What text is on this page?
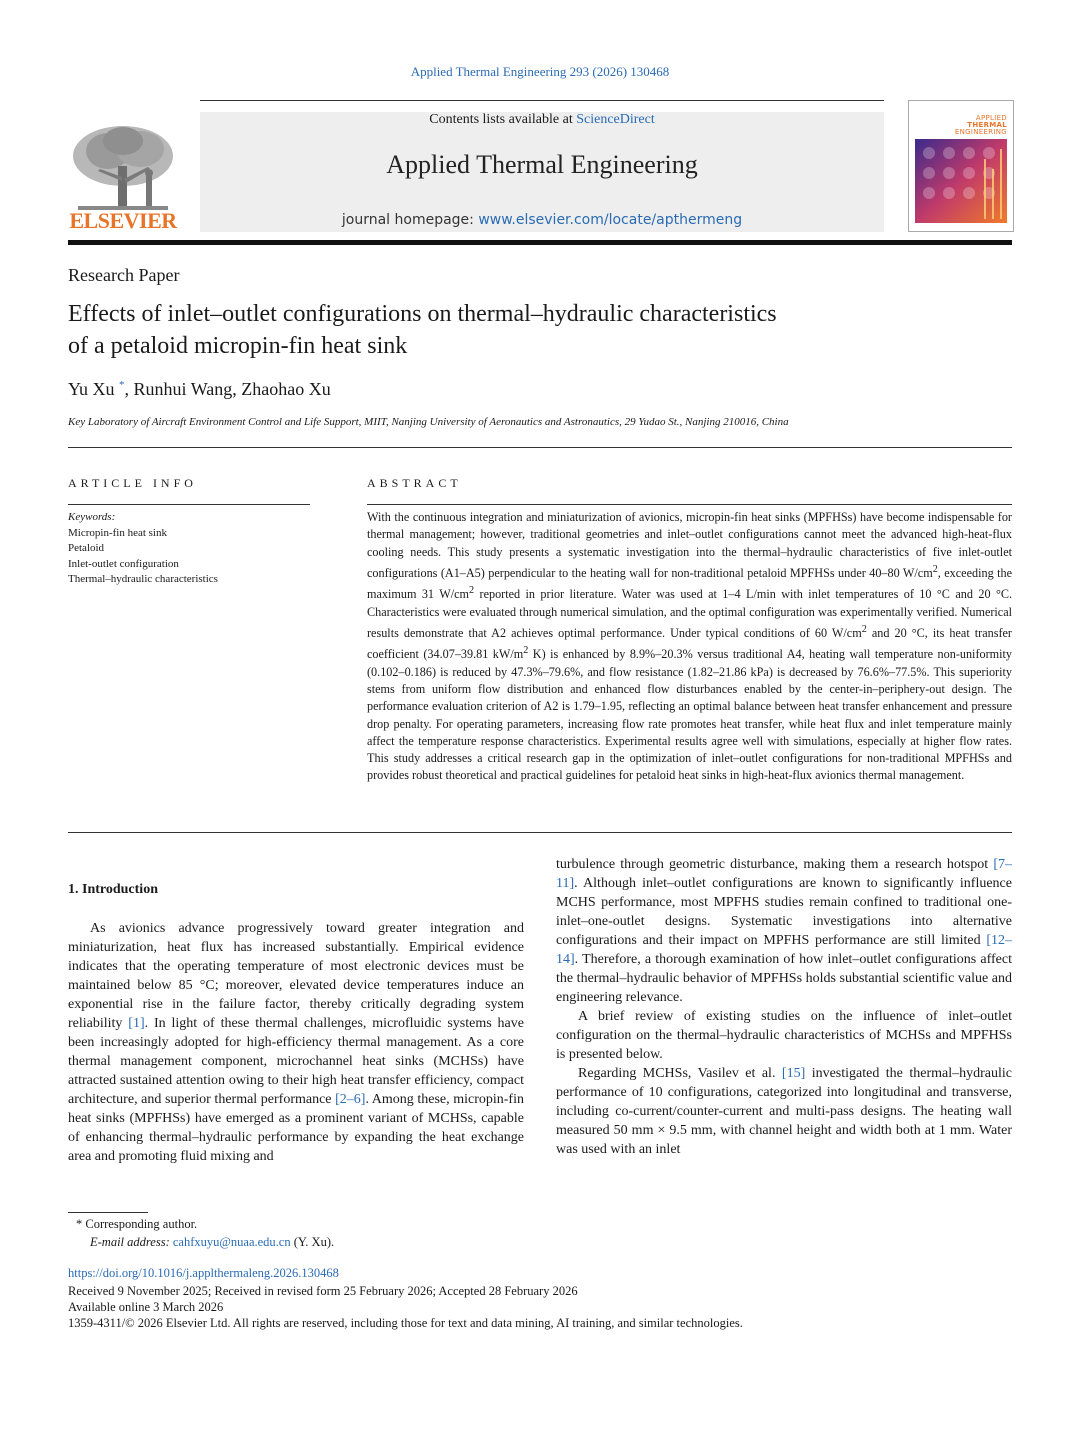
Applied Thermal Engineering 293 (2026) 130468
Contents lists available at ScienceDirect
Applied Thermal Engineering
journal homepage: www.elsevier.com/locate/apthermeng
ELSEVIER
APPLIED
THERMAL
ENGINEERING
Research Paper
Effects of inlet–outlet configurations on thermal–hydraulic characteristics
of a petaloid micropin-fin heat sink
Yu Xu *, Runhui Wang, Zhaohao Xu
Key Laboratory of Aircraft Environment Control and Life Support, MIIT, Nanjing University of Aeronautics and Astronautics, 29 Yudao St., Nanjing 210016, China
ARTICLE INFO	ABSTRACT
Keywords:
Micropin-fin heat sink
Petaloid
Inlet-outlet configuration
Thermal–hydraulic characteristics
With the continuous integration and miniaturization of avionics, micropin-fin heat sinks (MPFHSs) have become indispensable for thermal management; however, traditional geometries and inlet–outlet configurations cannot meet the advanced high-heat-flux cooling needs. This study presents a systematic investigation into the thermal–hydraulic characteristics of five inlet-outlet configurations (A1–A5) perpendicular to the heating wall for non-traditional petaloid MPFHSs under 40–80 $W/cm^2$, exceeding the maximum 31 $W/cm^2$ reported in prior literature. Water was used at 1–4 L/min with inlet temperatures of 10 °C and 20 °C. Characteristics were evaluated through numerical simulation, and the optimal configuration was experimentally verified. Numerical results demonstrate that A2 achieves optimal performance. Under typical conditions of 60 $W/cm^2$ and 20 °C, its heat transfer coefficient (34.07–39.81 $kW/m^2$ K) is enhanced by 8.9%–20.3% versus traditional A4, heating wall temperature non-uniformity (0.102–0.186) is reduced by 47.3%–79.6%, and flow resistance (1.82–21.86 kPa) is decreased by 76.6%–77.5%. This superiority stems from uniform flow distribution and enhanced flow disturbances enabled by the center-in–periphery-out design. The performance evaluation criterion of A2 is 1.79–1.95, reflecting an optimal balance between heat transfer enhancement and pressure drop penalty. For operating parameters, increasing flow rate promotes heat transfer, while heat flux and inlet temperature mainly affect the temperature response characteristics. Experimental results agree well with simulations, especially at higher flow rates. This study addresses a critical research gap in the optimization of inlet–outlet configurations for non-traditional MPFHSs and provides robust theoretical and practical guidelines for petaloid heat sinks in high-heat-flux avionics thermal management.
1. Introduction

As avionics advance progressively toward greater integration and miniaturization, heat flux has increased substantially. Empirical evidence indicates that the operating temperature of most electronic devices must be maintained below 85 °C; moreover, elevated device temperatures induce an exponential rise in the failure factor, thereby critically degrading system reliability [1]. In light of these thermal challenges, microfluidic systems have been increasingly adopted for high-efficiency thermal management. As a core thermal management component, microchannel heat sinks (MCHSs) have attracted sustained attention owing to their high heat transfer efficiency, compact architecture, and superior thermal performance [2–6]. Among these, micropin-fin heat sinks (MPFHSs) have emerged as a prominent variant of MCHSs, capable of enhancing thermal–hydraulic performance by expanding the heat exchange area and promoting fluid mixing and

turbulence through geometric disturbance, making them a research hotspot [7–11]. Although inlet–outlet configurations are known to significantly influence MCHS performance, most MPFHS studies remain confined to traditional one-inlet–one-outlet designs. Systematic investigations into alternative configurations and their impact on MPFHS performance are still limited [12–14]. Therefore, a thorough examination of how inlet–outlet configurations affect the thermal–hydraulic behavior of MPFHSs holds substantial scientific value and engineering relevance.

A brief review of existing studies on the influence of inlet–outlet configuration on the thermal–hydraulic characteristics of MCHSs and MPFHSs is presented below.

Regarding MCHSs, Vasilev et al. [15] investigated the thermal–hydraulic performance of 10 configurations, categorized into longitudinal and transverse, including co-current/counter-current and multi-pass designs. The heating wall measured 50 mm × 9.5 mm, with channel height and width both at 1 mm. Water was used with an inlet

* Corresponding author.
E-mail address: cahfxuyu@nuaa.edu.cn (Y. Xu).
https://doi.org/10.1016/j.applthermaleng.2026.130468
Received 9 November 2025; Received in revised form 25 February 2026; Accepted 28 February 2026
Available online 3 March 2026
1359-4311/© 2026 Elsevier Ltd. All rights are reserved, including those for text and data mining, AI training, and similar technologies.
